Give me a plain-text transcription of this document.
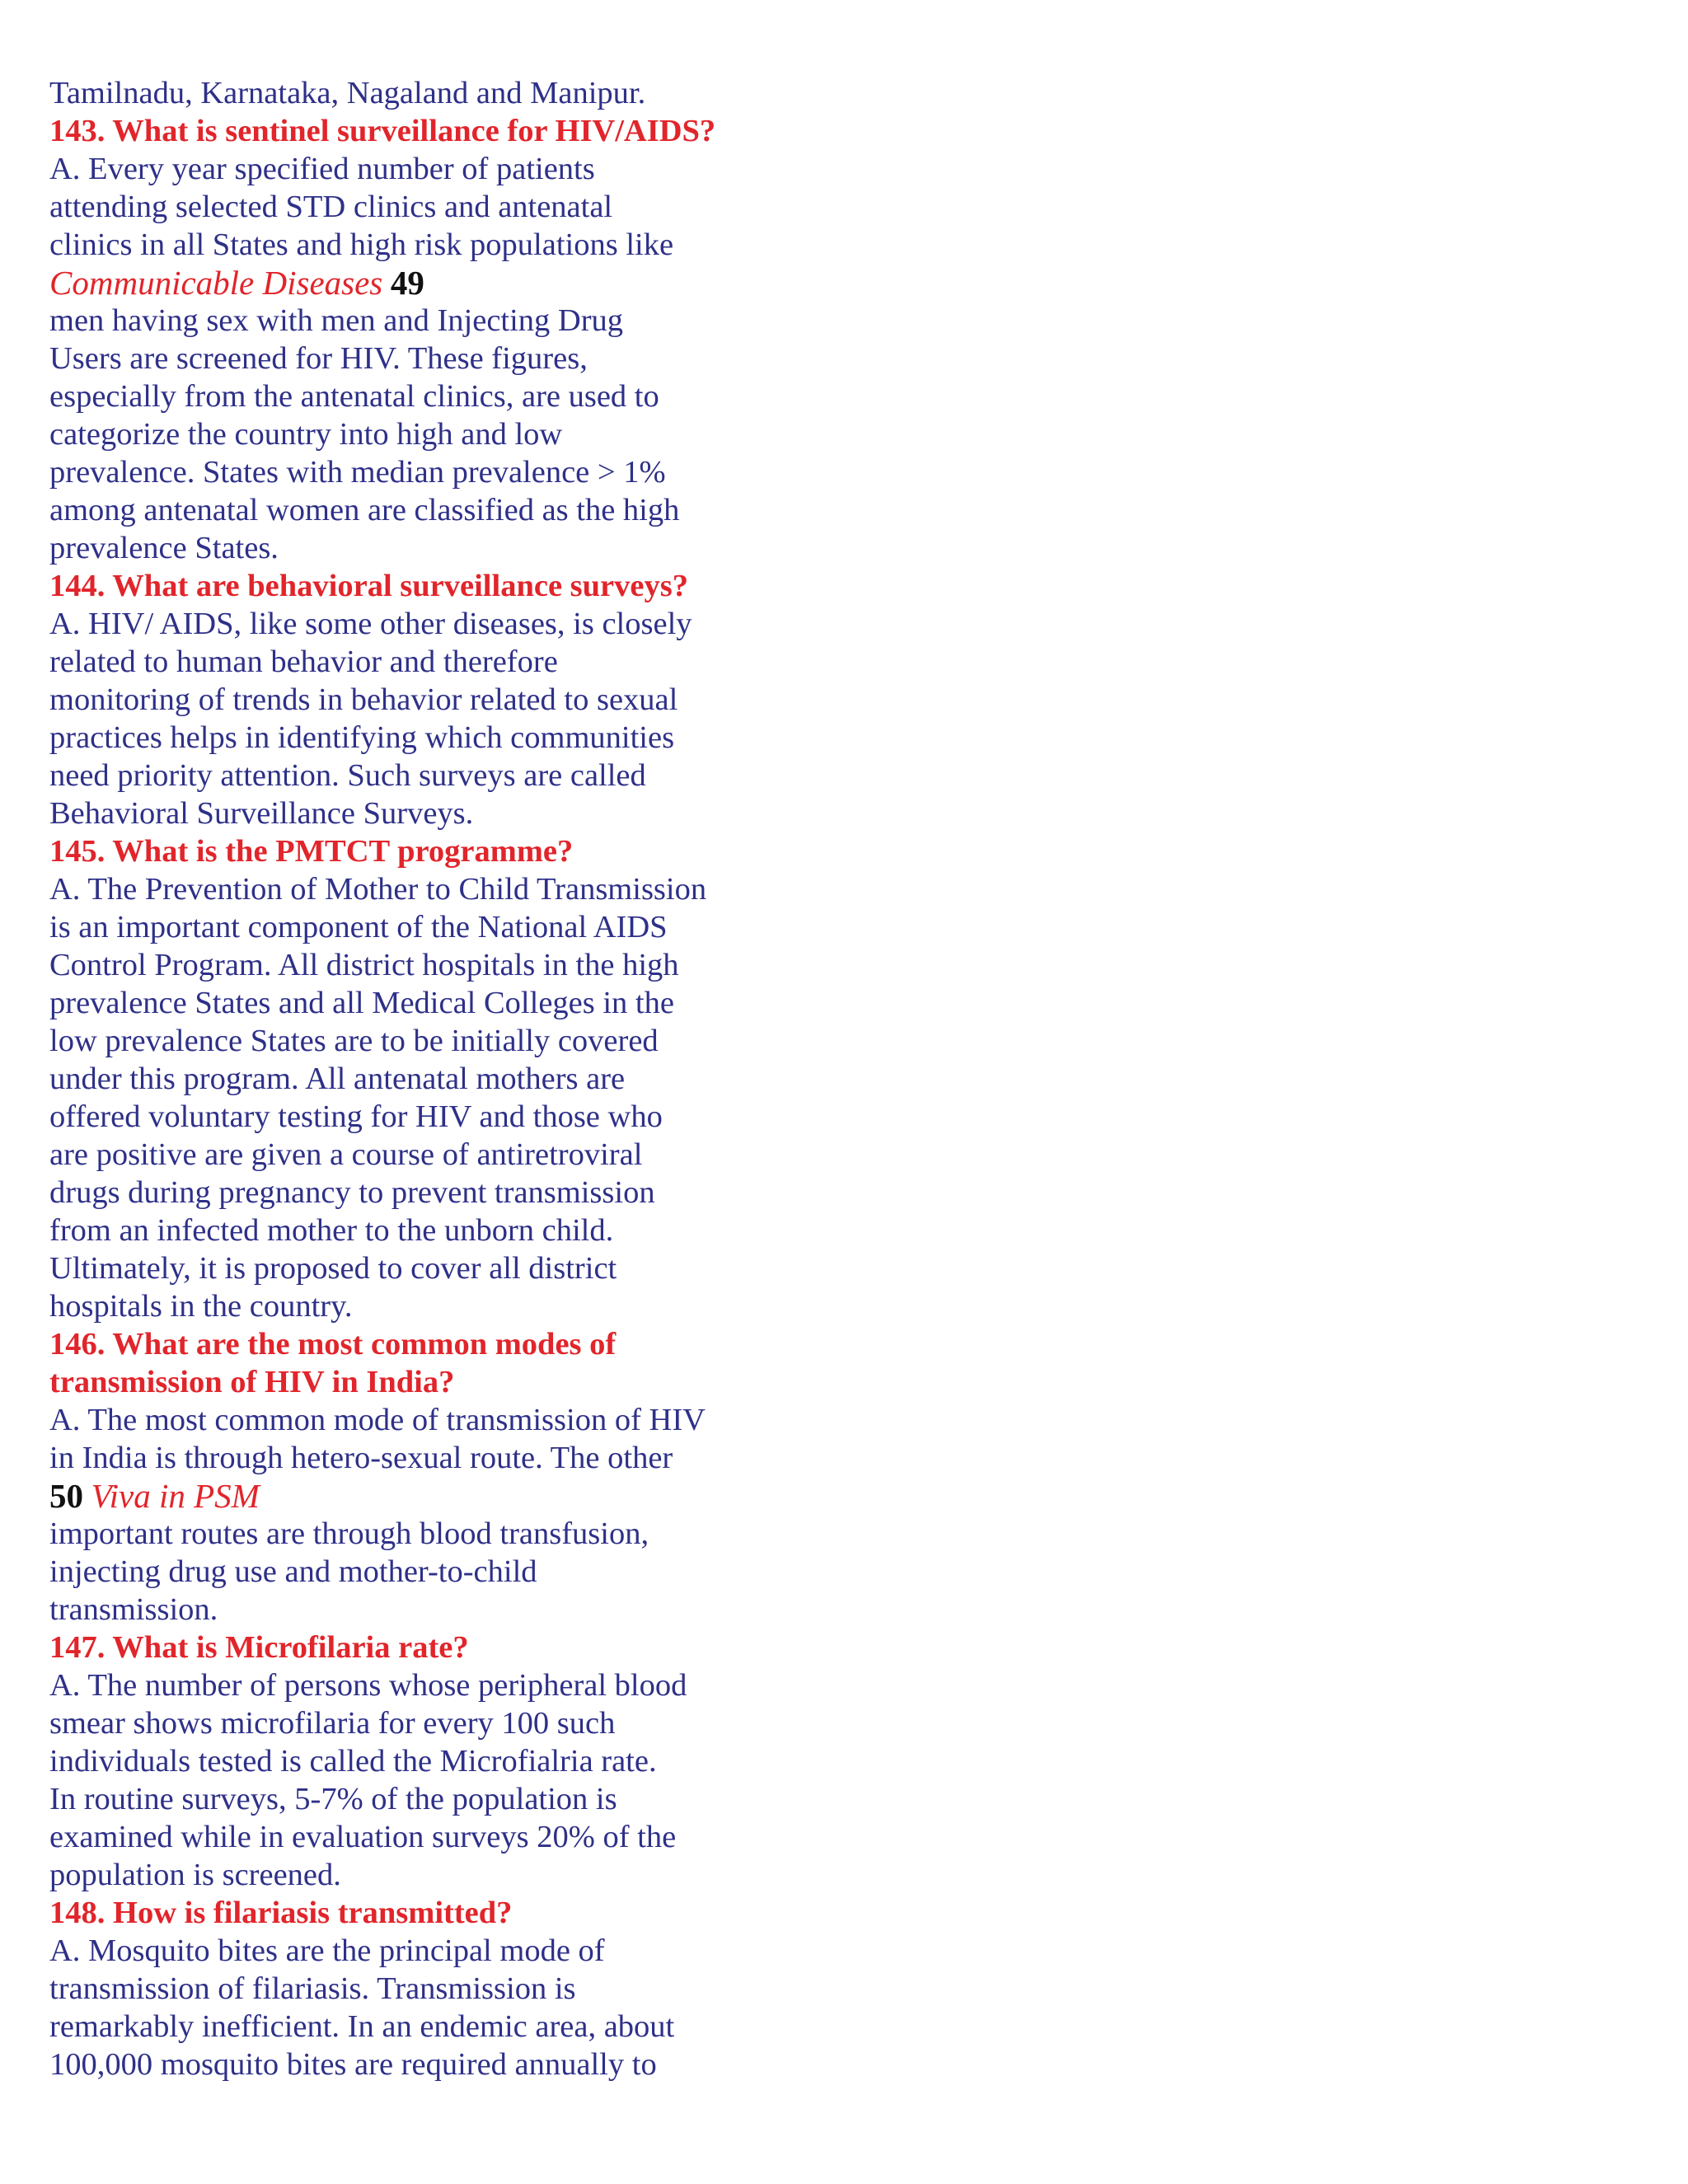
Tamilnadu, Karnataka, Nagaland and Manipur.
143. What is sentinel surveillance for HIV/AIDS?
A. Every year specified number of patients
attending selected STD clinics and antenatal
clinics in all States and high risk populations like
Communicable Diseases 49
men having sex with men and Injecting Drug
Users are screened for HIV. These figures,
especially from the antenatal clinics, are used to
categorize the country into high and low
prevalence. States with median prevalence > 1%
among antenatal women are classified as the high
prevalence States.
144. What are behavioral surveillance surveys?
A. HIV/ AIDS, like some other diseases, is closely
related to human behavior and therefore
monitoring of trends in behavior related to sexual
practices helps in identifying which communities
need priority attention. Such surveys are called
Behavioral Surveillance Surveys.
145. What is the PMTCT programme?
A. The Prevention of Mother to Child Transmission
is an important component of the National AIDS
Control Program. All district hospitals in the high
prevalence States and all Medical Colleges in the
low prevalence States are to be initially covered
under this program. All antenatal mothers are
offered voluntary testing for HIV and those who
are positive are given a course of antiretroviral
drugs during pregnancy to prevent transmission
from an infected mother to the unborn child.
Ultimately, it is proposed to cover all district
hospitals in the country.
146. What are the most common modes of
transmission of HIV in India?
A. The most common mode of transmission of HIV
in India is through hetero-sexual route. The other
50 Viva in PSM
important routes are through blood transfusion,
injecting drug use and mother-to-child
transmission.
147. What is Microfilaria rate?
A. The number of persons whose peripheral blood
smear shows microfilaria for every 100 such
individuals tested is called the Microfialria rate.
In routine surveys, 5-7% of the population is
examined while in evaluation surveys 20% of the
population is screened.
148. How is filariasis transmitted?
A. Mosquito bites are the principal mode of
transmission of filariasis. Transmission is
remarkably inefficient. In an endemic area, about
100,000 mosquito bites are required annually to
